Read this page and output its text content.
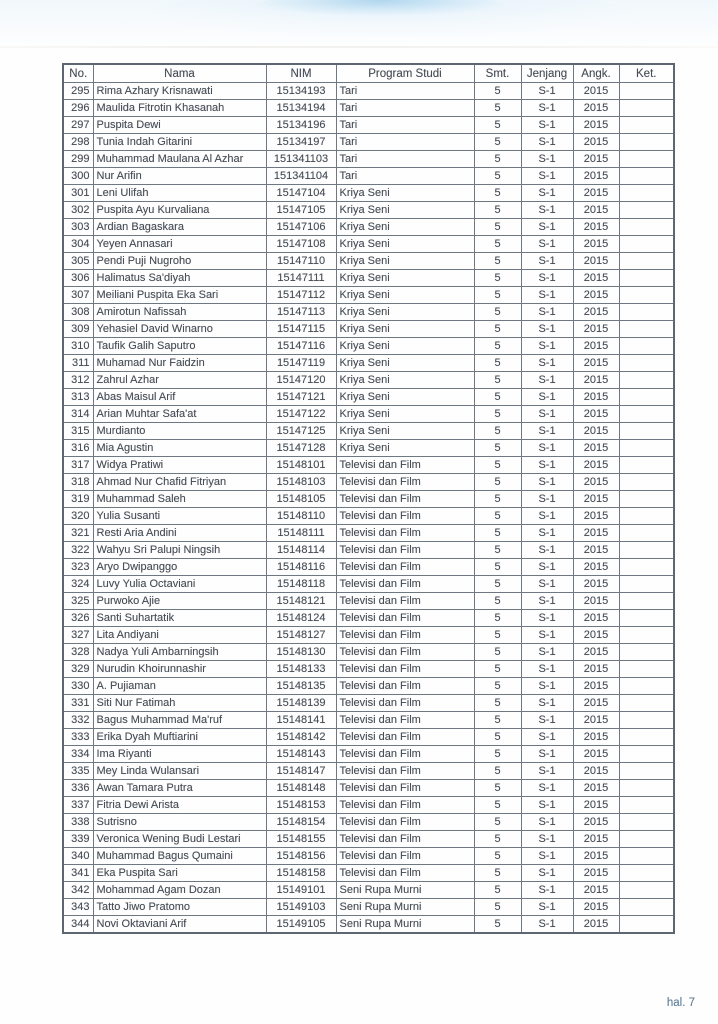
No.	Nama	NIM	Program Studi	Smt.	Jenjang	Angk.	Ket.
295	Rima Azhary Krisnawati	15134193	Tari	5	S-1	2015	
296	Maulida Fitrotin Khasanah	15134194	Tari	5	S-1	2015	
297	Puspita Dewi	15134196	Tari	5	S-1	2015	
298	Tunia Indah Gitarini	15134197	Tari	5	S-1	2015	
299	Muhammad Maulana Al Azhar	151341103	Tari	5	S-1	2015	
300	Nur Arifin	151341104	Tari	5	S-1	2015	
301	Leni Ulifah	15147104	Kriya Seni	5	S-1	2015	
302	Puspita Ayu Kurvaliana	15147105	Kriya Seni	5	S-1	2015	
303	Ardian Bagaskara	15147106	Kriya Seni	5	S-1	2015	
304	Yeyen Annasari	15147108	Kriya Seni	5	S-1	2015	
305	Pendi Puji Nugroho	15147110	Kriya Seni	5	S-1	2015	
306	Halimatus Sa'diyah	15147111	Kriya Seni	5	S-1	2015	
307	Meiliani Puspita Eka Sari	15147112	Kriya Seni	5	S-1	2015	
308	Amirotun Nafissah	15147113	Kriya Seni	5	S-1	2015	
309	Yehasiel David Winarno	15147115	Kriya Seni	5	S-1	2015	
310	Taufik Galih Saputro	15147116	Kriya Seni	5	S-1	2015	
311	Muhamad Nur Faidzin	15147119	Kriya Seni	5	S-1	2015	
312	Zahrul Azhar	15147120	Kriya Seni	5	S-1	2015	
313	Abas Maisul Arif	15147121	Kriya Seni	5	S-1	2015	
314	Arian Muhtar Safa'at	15147122	Kriya Seni	5	S-1	2015	
315	Murdianto	15147125	Kriya Seni	5	S-1	2015	
316	Mia Agustin	15147128	Kriya Seni	5	S-1	2015	
317	Widya Pratiwi	15148101	Televisi dan Film	5	S-1	2015	
318	Ahmad Nur Chafid Fitriyan	15148103	Televisi dan Film	5	S-1	2015	
319	Muhammad Saleh	15148105	Televisi dan Film	5	S-1	2015	
320	Yulia Susanti	15148110	Televisi dan Film	5	S-1	2015	
321	Resti Aria Andini	15148111	Televisi dan Film	5	S-1	2015	
322	Wahyu Sri Palupi Ningsih	15148114	Televisi dan Film	5	S-1	2015	
323	Aryo Dwipanggo	15148116	Televisi dan Film	5	S-1	2015	
324	Luvy Yulia Octaviani	15148118	Televisi dan Film	5	S-1	2015	
325	Purwoko Ajie	15148121	Televisi dan Film	5	S-1	2015	
326	Santi Suhartatik	15148124	Televisi dan Film	5	S-1	2015	
327	Lita Andiyani	15148127	Televisi dan Film	5	S-1	2015	
328	Nadya Yuli Ambarningsih	15148130	Televisi dan Film	5	S-1	2015	
329	Nurudin Khoirunnashir	15148133	Televisi dan Film	5	S-1	2015	
330	A. Pujiaman	15148135	Televisi dan Film	5	S-1	2015	
331	Siti Nur Fatimah	15148139	Televisi dan Film	5	S-1	2015	
332	Bagus Muhammad Ma'ruf	15148141	Televisi dan Film	5	S-1	2015	
333	Erika Dyah Muftiarini	15148142	Televisi dan Film	5	S-1	2015	
334	Ima Riyanti	15148143	Televisi dan Film	5	S-1	2015	
335	Mey Linda Wulansari	15148147	Televisi dan Film	5	S-1	2015	
336	Awan Tamara Putra	15148148	Televisi dan Film	5	S-1	2015	
337	Fitria Dewi Arista	15148153	Televisi dan Film	5	S-1	2015	
338	Sutrisno	15148154	Televisi dan Film	5	S-1	2015	
339	Veronica Wening Budi Lestari	15148155	Televisi dan Film	5	S-1	2015	
340	Muhammad Bagus Qumaini	15148156	Televisi dan Film	5	S-1	2015	
341	Eka Puspita Sari	15148158	Televisi dan Film	5	S-1	2015	
342	Mohammad Agam Dozan	15149101	Seni Rupa Murni	5	S-1	2015	
343	Tatto Jiwo Pratomo	15149103	Seni Rupa Murni	5	S-1	2015	
344	Novi Oktaviani Arif	15149105	Seni Rupa Murni	5	S-1	2015	
hal. 7
